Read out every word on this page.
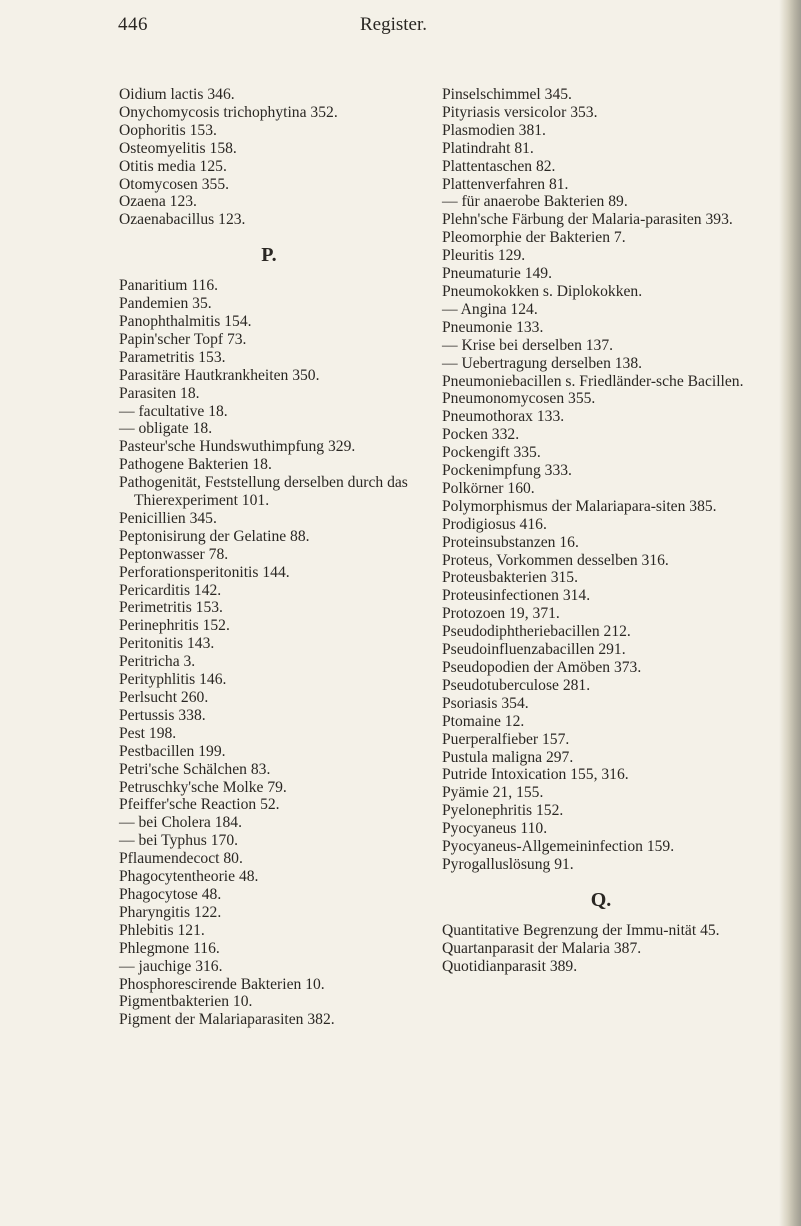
446	Register.

Oidium lactis 346.

Onychomycosis trichophytina 352.

Oophoritis 153.

Osteomyelitis 158.

Otitis media 125.

Otomycosen 355.

Ozaena 123.

Ozaenabacillus 123.

P.

Panaritium 116.

Pandemien 35.

Panophthalmitis 154.

Papin'scher Topf 73.

Parametritis 153.

Parasitäre Hautkrankheiten 350.

Parasiten 18.

— facultative 18.

— obligate 18.

Pasteur'sche Hundswuthimpfung 329.

Pathogene Bakterien 18.

Pathogenität, Feststellung derselben durch das Thierexperiment 101.

Penicillien 345.

Peptonisirung der Gelatine 88.

Peptonwasser 78.

Perforationsperitonitis 144.

Pericarditis 142.

Perimetritis 153.

Perinephritis 152.

Peritonitis 143.

Peritricha 3.

Perityphlitis 146.

Perlsucht 260.

Pertussis 338.

Pest 198.

Pestbacillen 199.

Petri'sche Schälchen 83.

Petruschky'sche Molke 79.

Pfeiffer'sche Reaction 52.

— bei Cholera 184.

— bei Typhus 170.

Pflaumendecoct 80.

Phagocytentheorie 48.

Phagocytose 48.

Pharyngitis 122.

Phlebitis 121.

Phlegmone 116.

— jauchige 316.

Phosphorescirende Bakterien 10.

Pigmentbakterien 10.

Pigment der Malariaparasiten 382.

Pinselschimmel 345.

Pityriasis versicolor 353.

Plasmodien 381.

Platindraht 81.

Plattentaschen 82.

Plattenverfahren 81.

— für anaerobe Bakterien 89.

Plehn'sche Färbung der Malaria-parasiten 393.

Pleomorphie der Bakterien 7.

Pleuritis 129.

Pneumaturie 149.

Pneumokokken s. Diplokokken.

— Angina 124.

Pneumonie 133.

— Krise bei derselben 137.

— Uebertragung derselben 138.

Pneumoniebacillen s. Friedländer-sche Bacillen.

Pneumonomycosen 355.

Pneumothorax 133.

Pocken 332.

Pockengift 335.

Pockenimpfung 333.

Polkörner 160.

Polymorphismus der Malariapara-siten 385.

Prodigiosus 416.

Proteinsubstanzen 16.

Proteus, Vorkommen desselben 316.

Proteusbakterien 315.

Proteusinfectionen 314.

Protozoen 19, 371.

Pseudodiphtheriebacillen 212.

Pseudoinfluenzabacillen 291.

Pseudopodien der Amöben 373.

Pseudotuberculose 281.

Psoriasis 354.

Ptomaine 12.

Puerperalfieber 157.

Pustula maligna 297.

Putride Intoxication 155, 316.

Pyämie 21, 155.

Pyelonephritis 152.

Pyocyaneus 110.

Pyocyaneus-Allgemeininfection 159.

Pyrogalluslösung 91.

Q.

Quantitative Begrenzung der Immu-nität 45.

Quartanparasit der Malaria 387.

Quotidianparasit 389.
